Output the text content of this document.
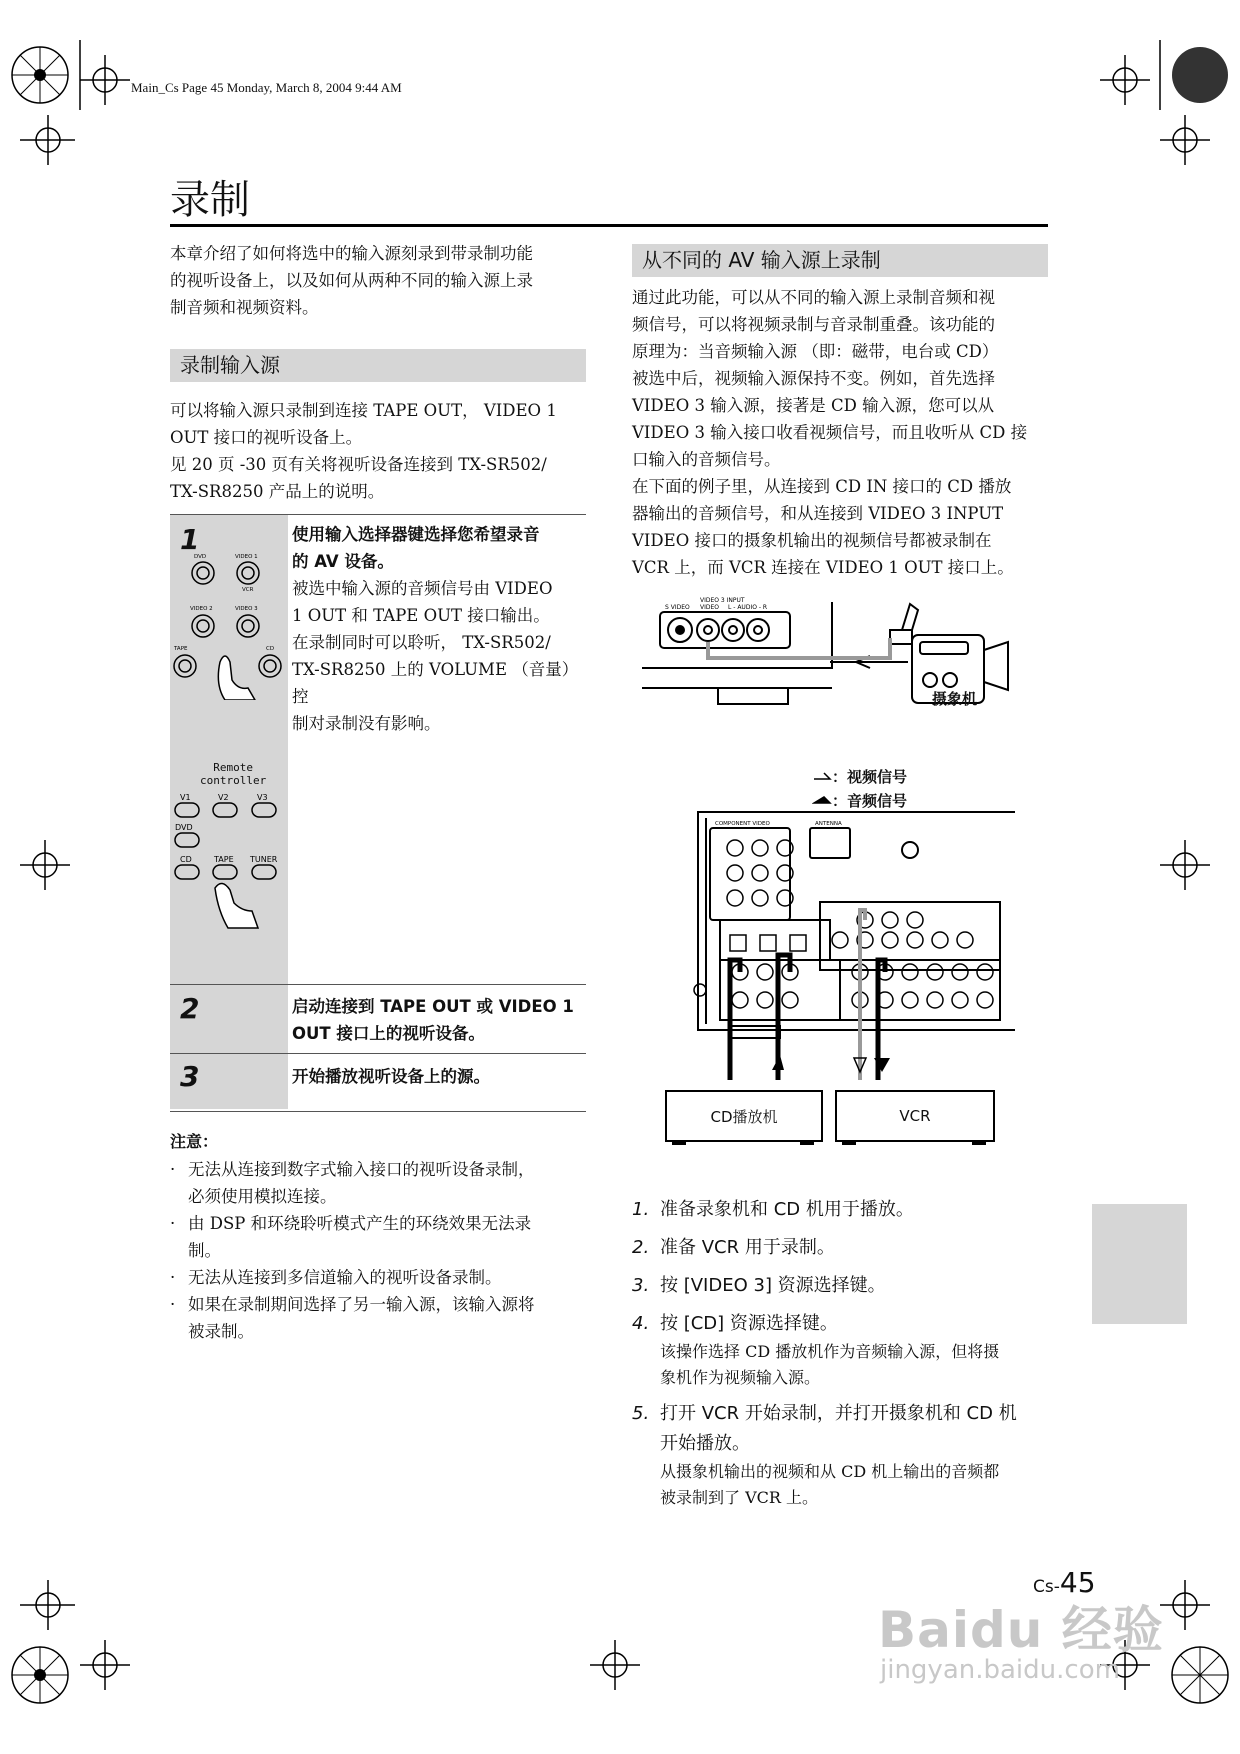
Main_Cs Page 45 Monday, March 8, 2004 9:44 AM
录制
本章介绍了如何将选中的输入源刻录到带录制功能
的视听设备上，以及如何从两种不同的输入源上录
制音频和视频资料。
录制输入源
可以将输入源只录制到连接 TAPE OUT， VIDEO 1
OUT 接口的视听设备上。
见 20 页 -30 页有关将视听设备连接到 TX-SR502/
TX-SR8250 产品上的说明。
1	使用输入选择器键选择您希望录音
的 AV 设备。
被选中输入源的音频信号由 VIDEO
1 OUT 和 TAPE OUT 接口输出。
在录制同时可以聆听， TX-SR502/
TX-SR8250 上的 VOLUME （音量）控
制对录制没有影响。
DVD	VIDEO 1
VCR
VIDEO 2	VIDEO 3
TAPE	CD
Remote
controller
V1	V2	V3
DVD
CD	TAPE TUNER
2	启动连接到 TAPE OUT 或 VIDEO 1
OUT 接口上的视听设备。
3	开始播放视听设备上的源。
注意：
· 无法从连接到数字式输入接口的视听设备录制，
必须使用模拟连接。
· 由 DSP 和环绕聆听模式产生的环绕效果无法录
制。
· 无法从连接到多信道输入的视听设备录制。
· 如果在录制期间选择了另一输入源，该输入源将
被录制。
从不同的 AV 输入源上录制
通过此功能，可以从不同的输入源上录制音频和视
频信号，可以将视频录制与音录制重叠。该功能的
原理为：当音频输入源 （即：磁带，电台或 CD）
被选中后，视频输入源保持不变。例如，首先选择
VIDEO 3 输入源，接著是 CD 输入源，您可以从
VIDEO 3 输入接口收看视频信号，而且收听从 CD 接
口输入的音频信号。
在下面的例子里，从连接到 CD IN 接口的 CD 播放
器输出的音频信号，和从连接到 VIDEO 3 INPUT
VIDEO 接口的摄象机输出的视频信号都被录制在
VCR 上，而 VCR 连接在 VIDEO 1 OUT 接口上。
VIDEO 3 INPUT
S VIDEO VIDEO L - AUDIO - R
摄象机
：视频信号
：音频信号
COMPONENT VIDEO	ANTENNA
CD播放机	VCR
1. 准备录象机和 CD 机用于播放。
2. 准备 VCR 用于录制。
3. 按 [VIDEO 3] 资源选择键。
4. 按 [CD] 资源选择键。
该操作选择 CD 播放机作为音频输入源，但将摄
象机作为视频输入源。
5. 打开 VCR 开始录制，并打开摄象机和 CD 机
开始播放。
从摄象机输出的视频和从 CD 机上输出的音频都
被录制到了 VCR 上。
Cs-45
Baidu 经验
jingyan.baidu.com
